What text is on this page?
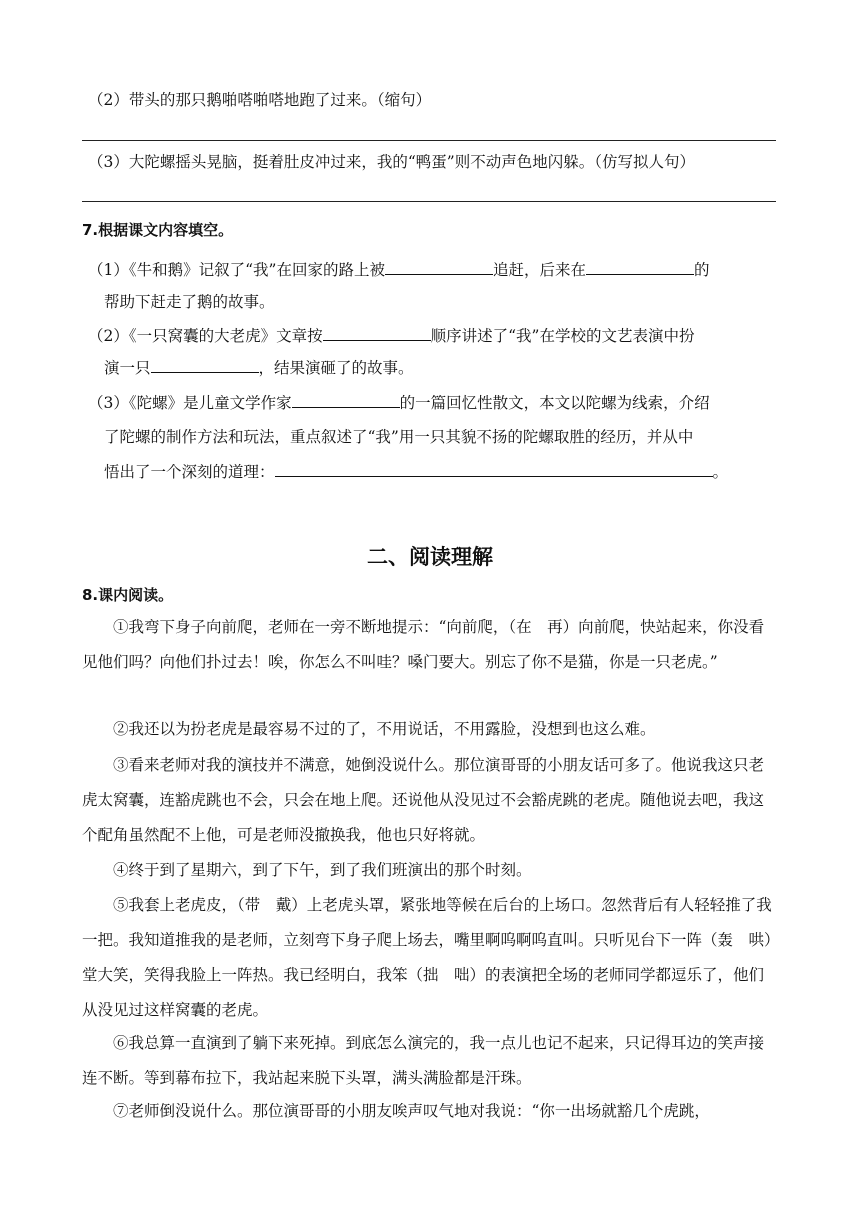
（2）带头的那只鹅啪嗒啪嗒地跑了过来。（缩句）
（3）大陀螺摇头晃脑，挺着肚皮冲过来，我的“鸭蛋”则不动声色地闪躲。（仿写拟人句）
7.根据课文内容填空。
（1）《牛和鹅》记叙了“我”在回家的路上被	追赶，后来在	的
帮助下赶走了鹅的故事。
（2）《一只窝囊的大老虎》文章按	顺序讲述了“我”在学校的文艺表演中扮
演一只	，结果演砸了的故事。
（3）《陀螺》是儿童文学作家	的一篇回忆性散文，本文以陀螺为线索，介绍
了陀螺的制作方法和玩法，重点叙述了“我”用一只其貌不扬的陀螺取胜的经历，并从中
悟出了一个深刻的道理：	。
二、阅读理解
8.课内阅读。
①我弯下身子向前爬，老师在一旁不断地提示：“向前爬，（在　再）向前爬，快站起来，你没看见他们吗？向他们扑过去！唉，你怎么不叫哇？嗓门要大。别忘了你不是猫，你是一只老虎。”
②我还以为扮老虎是最容易不过的了，不用说话，不用露脸，没想到也这么难。
③看来老师对我的演技并不满意，她倒没说什么。那位演哥哥的小朋友话可多了。他说我这只老虎太窝囊，连豁虎跳也不会，只会在地上爬。还说他从没见过不会豁虎跳的老虎。随他说去吧，我这个配角虽然配不上他，可是老师没撤换我，他也只好将就。
④终于到了星期六，到了下午，到了我们班演出的那个时刻。
⑤我套上老虎皮，（带　戴）上老虎头罩，紧张地等候在后台的上场口。忽然背后有人轻轻推了我一把。我知道推我的是老师，立刻弯下身子爬上场去，嘴里啊呜啊呜直叫。只听见台下一阵（轰　哄）堂大笑，笑得我脸上一阵热。我已经明白，我笨（拙　咄）的表演把全场的老师同学都逗乐了，他们从没见过这样窝囊的老虎。
⑥我总算一直演到了躺下来死掉。到底怎么演完的，我一点儿也记不起来，只记得耳边的笑声接连不断。等到幕布拉下，我站起来脱下头罩，满头满脸都是汗珠。
⑦老师倒没说什么。那位演哥哥的小朋友唉声叹气地对我说：“你一出场就豁几个虎跳，
